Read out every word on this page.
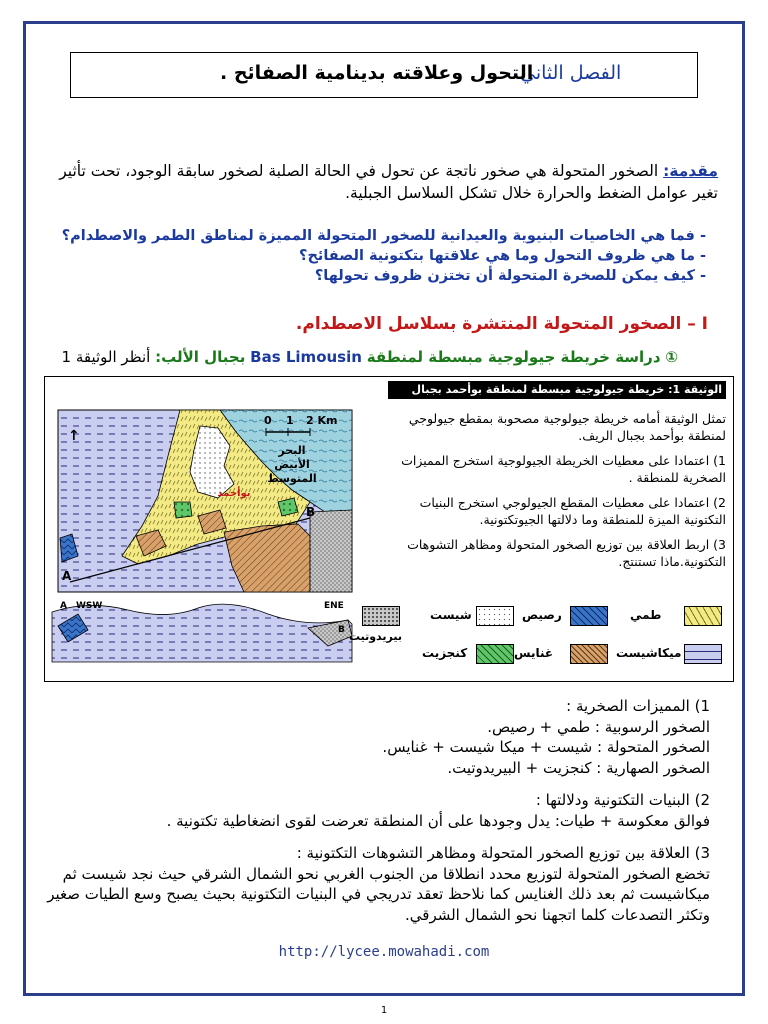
الفصل الثاني
التحول وعلاقته بدينامية الصفائح .
مقدمة: الصخور المتحولة هي صخور ناتجة عن تحول في الحالة الصلبة لصخور سابقة الوجود، تحت تأثير تغير عوامل الضغط والحرارة خلال تشكل السلاسل الجبلية.
- فما هي الخاصيات البنيوية والعيدانية للصخور المتحولة المميزة لمناطق الطمر والاصطدام؟
- ما هي ظروف التحول وما هي علاقتها بتكتونية الصفائح؟
- كيف يمكن للصخرة المتحولة أن تختزن ظروف تحولها؟
I – الصخور المتحولة المنتشرة بسلاسل الاصطدام.
① دراسة خريطة جيولوجية مبسطة لمنطقة Bas Limousin بجبال الألب: أنظر الوثيقة 1
الوثيقة 1: خريطة جيولوجية مبسطة لمنطقة بوأحمد بجبال الريف ( سلاسل الاصطدام ).

تمثل الوثيقة أمامه خريطة جيولوجية مصحوبة بمقطع جيولوجي لمنطقة بوأحمد بجبال الريف.

1) اعتمادا على معطيات الخريطة الجيولوجية استخرج المميزات الصخرية للمنطقة .

2) اعتمادا على معطيات المقطع الجيولوجي استخرج البنيات التكتونية الميزة للمنطقة وما دلالتها الجيوتكتونية.

3) اربط العلاقة بين توزيع الصخور المتحولة ومظاهر التشوهات التكتونية.ماذا تستنتج.

↑
0 1 2 Km
البحر
الأبيض
المتوسط
بوأحمد
A
B
WSW	ENE
A
B بيريدوتيت
شيست	رصيص	طمي
كنجزيت	غنايس	ميكاشيست

1) المميزات الصخرية :

الصخور الرسوبية : طمي + رصيص.

الصخور المتحولة : شيست + ميكا شيست + غنايس.

الصخور الصهارية : كنجزيت + البيريدوتيت.

2) البنيات التكتونية ودلالتها :

فوالق معكوسة + طيات: يدل وجودها على أن المنطقة تعرضت لقوى انضغاطية تكتونية .

3) العلاقة بين توزيع الصخور المتحولة ومظاهر التشوهات التكتونية :

تخضع الصخور المتحولة لتوزيع محدد انطلاقا من الجنوب الغربي نحو الشمال الشرقي حيث نجد شيست ثم ميكاشيست ثم بعد ذلك الغنايس كما نلاحظ تعقد تدريجي في البنيات التكتونية بحيث يصبح وسع الطيات صغير وتكثر التصدعات كلما اتجهنا نحو الشمال الشرقي.

http://lycee.mowahadi.com
1
